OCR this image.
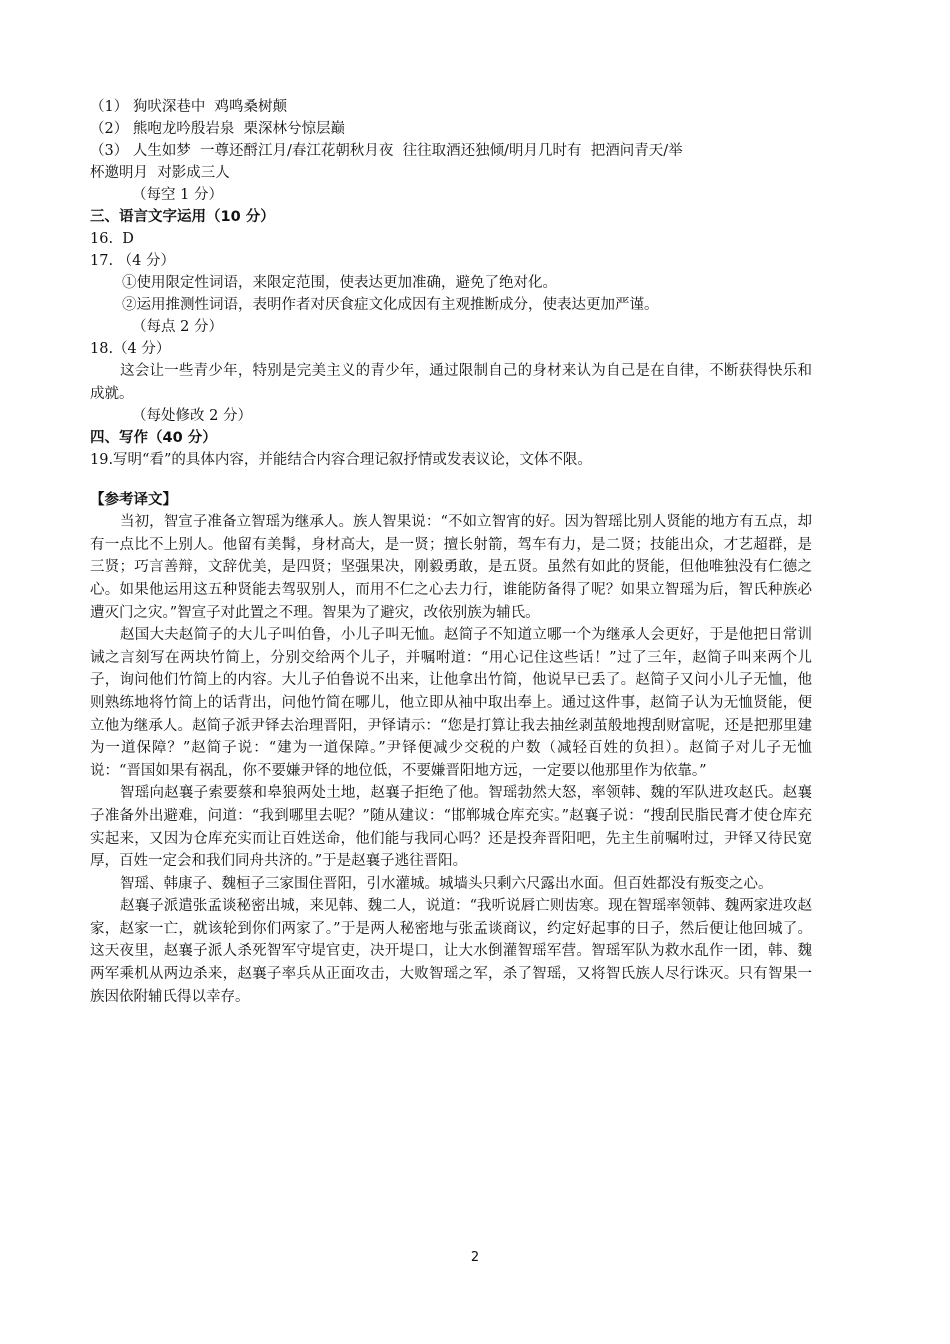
（1） 狗吠深巷中  鸡鸣桑树颠

（2） 熊咆龙吟殷岩泉  栗深林兮惊层巅

（3） 人生如梦  一尊还酹江月/春江花朝秋月夜  往往取酒还独倾/明月几时有  把酒问青天/举

杯邀明月  对影成三人

（每空 1 分）

三、语言文字运用（10 分）

16.  D

17. （4 分）

①使用限定性词语，来限定范围，使表达更加准确，避免了绝对化。

②运用推测性词语，表明作者对厌食症文化成因有主观推断成分，使表达更加严谨。

（每点 2 分）

18.（4 分）

这会让一些青少年，特别是完美主义的青少年，通过限制自己的身材来认为自己是在自律，不断获得快乐和成就。

（每处修改 2 分）

四、写作（40 分）

19.写明“看”的具体内容，并能结合内容合理记叙抒情或发表议论，文体不限。

【参考译文】

当初，智宣子准备立智瑶为继承人。族人智果说：“不如立智宵的好。因为智瑶比别人贤能的地方有五点，却有一点比不上别人。他留有美髯，身材高大，是一贤；擅长射箭，驾车有力，是二贤；技能出众，才艺超群，是三贤；巧言善辩，文辞优美，是四贤；坚强果决，刚毅勇敢，是五贤。虽然有如此的贤能，但他唯独没有仁德之心。如果他运用这五种贤能去驾驭别人，而用不仁之心去力行，谁能防备得了呢？如果立智瑶为后，智氏种族必遭灭门之灾。”智宣子对此置之不理。智果为了避灾，改依别族为辅氏。

赵国大夫赵简子的大儿子叫伯鲁，小儿子叫无恤。赵简子不知道立哪一个为继承人会更好，于是他把日常训诫之言刻写在两块竹简上，分别交给两个儿子，并嘱咐道：“用心记住这些话！”过了三年，赵简子叫来两个儿子，询问他们竹简上的内容。大儿子伯鲁说不出来，让他拿出竹简，他说早已丢了。赵简子又问小儿子无恤，他则熟练地将竹简上的话背出，问他竹简在哪儿，他立即从袖中取出奉上。通过这件事，赵简子认为无恤贤能，便立他为继承人。赵简子派尹铎去治理晋阳，尹铎请示：“您是打算让我去抽丝剥茧般地搜刮财富呢，还是把那里建为一道保障？”赵简子说：“建为一道保障。”尹铎便减少交税的户数（减轻百姓的负担）。赵简子对儿子无恤说：“晋国如果有祸乱，你不要嫌尹铎的地位低，不要嫌晋阳地方远，一定要以他那里作为依靠。”

智瑶向赵襄子索要蔡和皋狼两处土地，赵襄子拒绝了他。智瑶勃然大怒，率领韩、魏的军队进攻赵氏。赵襄子准备外出避难，问道：“我到哪里去呢？”随从建议：“邯郸城仓库充实。”赵襄子说：“搜刮民脂民膏才使仓库充实起来，又因为仓库充实而让百姓送命，他们能与我同心吗？还是投奔晋阳吧，先主生前嘱咐过，尹铎又待民宽厚，百姓一定会和我们同舟共济的。”于是赵襄子逃往晋阳。

智瑶、韩康子、魏桓子三家围住晋阳，引水灌城。城墙头只剩六尺露出水面。但百姓都没有叛变之心。

赵襄子派遣张孟谈秘密出城，来见韩、魏二人，说道：“我听说唇亡则齿寒。现在智瑶率领韩、魏两家进攻赵家，赵家一亡，就该轮到你们两家了。”于是两人秘密地与张孟谈商议，约定好起事的日子，然后便让他回城了。这天夜里，赵襄子派人杀死智军守堤官吏，决开堤口，让大水倒灌智瑶军营。智瑶军队为救水乱作一团，韩、魏两军乘机从两边杀来，赵襄子率兵从正面攻击，大败智瑶之军，杀了智瑶，又将智氏族人尽行诛灭。只有智果一族因依附辅氏得以幸存。

2
